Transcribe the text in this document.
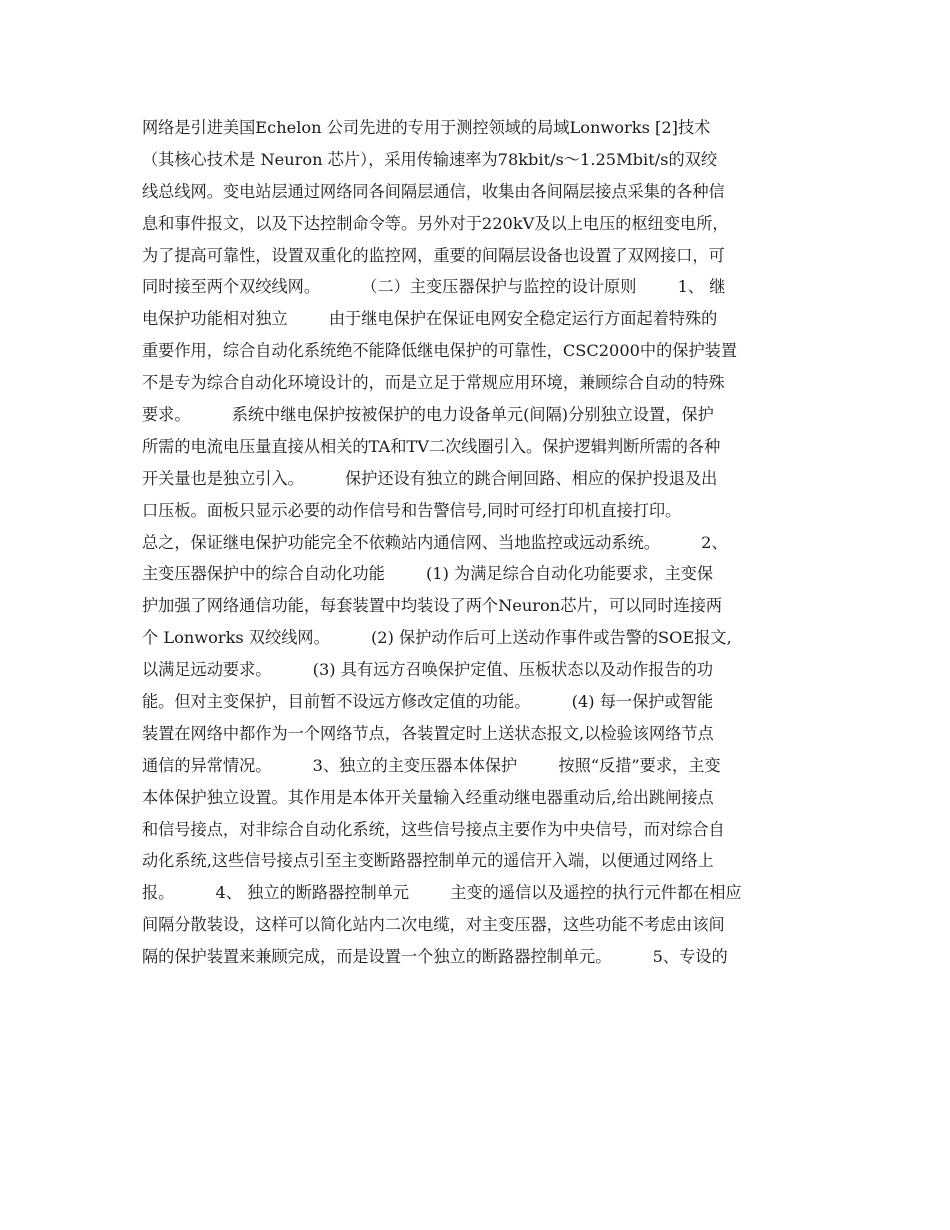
网络是引进美国Echelon 公司先进的专用于测控领域的局域Lonworks [2]技术
（其核心技术是 Neuron 芯片），采用传输速率为78kbit/s～1.25Mbit/s的双绞
线总线网。变电站层通过网络同各间隔层通信，收集由各间隔层接点采集的各种信
息和事件报文，以及下达控制命令等。另外对于220kV及以上电压的枢纽变电所，
为了提高可靠性，设置双重化的监控网，重要的间隔层设备也设置了双网接口，可
同时接至两个双绞线网。        （二）主变压器保护与监控的设计原则        1、 继
电保护功能相对独立        由于继电保护在保证电网安全稳定运行方面起着特殊的
重要作用，综合自动化系统绝不能降低继电保护的可靠性，CSC2000中的保护装置
不是专为综合自动化环境设计的，而是立足于常规应用环境，兼顾综合自动的特殊
要求。        系统中继电保护按被保护的电力设备单元(间隔)分别独立设置，保护
所需的电流电压量直接从相关的TA和TV二次线圈引入。保护逻辑判断所需的各种
开关量也是独立引入。        保护还设有独立的跳合闸回路、相应的保护投退及出
口压板。面板只显示必要的动作信号和告警信号,同时可经打印机直接打印。
总之，保证继电保护功能完全不依赖站内通信网、当地监控或远动系统。        2、
主变压器保护中的综合自动化功能        (1) 为满足综合自动化功能要求，主变保
护加强了网络通信功能，每套装置中均装设了两个Neuron芯片，可以同时连接两
个 Lonworks 双绞线网。        (2) 保护动作后可上送动作事件或告警的SOE报文,
以满足远动要求。        (3) 具有远方召唤保护定值、压板状态以及动作报告的功
能。但对主变保护，目前暂不设远方修改定值的功能。        (4) 每一保护或智能
装置在网络中都作为一个网络节点，各装置定时上送状态报文,以检验该网络节点
通信的异常情况。        3、独立的主变压器本体保护        按照“反措”要求，主变
本体保护独立设置。其作用是本体开关量输入经重动继电器重动后,给出跳闸接点
和信号接点，对非综合自动化系统，这些信号接点主要作为中央信号，而对综合自
动化系统,这些信号接点引至主变断路器控制单元的遥信开入端，以便通过网络上
报。        4、 独立的断路器控制单元        主变的遥信以及遥控的执行元件都在相应
间隔分散装设，这样可以简化站内二次电缆，对主变压器，这些功能不考虑由该间
隔的保护装置来兼顾完成，而是设置一个独立的断路器控制单元。        5、专设的
